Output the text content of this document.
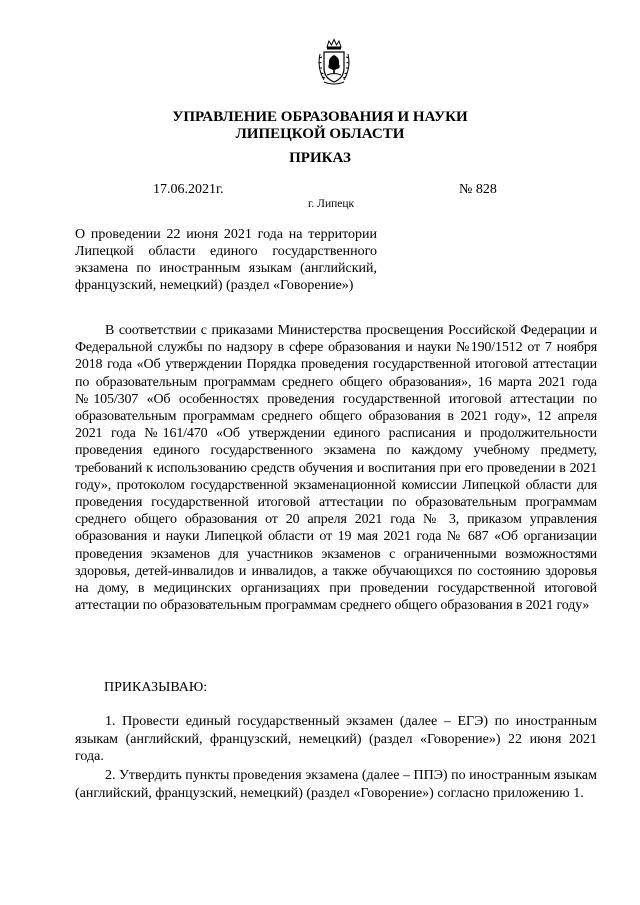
УПРАВЛЕНИЕ ОБРАЗОВАНИЯ И НАУКИ
ЛИПЕЦКОЙ ОБЛАСТИ
ПРИКАЗ
17.06.2021г.	№ 828
г. Липецк
О проведении 22 июня 2021 года на территории Липецкой области единого государственного экзамена по иностранным языкам (английский, французский, немецкий) (раздел «Говорение»)
В соответствии с приказами Министерства просвещения Российской Федерации и Федеральной службы по надзору в сфере образования и науки №190/1512 от 7 ноября 2018 года «Об утверждении Порядка проведения государственной итоговой аттестации по образовательным программам среднего общего образования», 16 марта 2021 года №105/307 «Об особенностях проведения государственной итоговой аттестации по образовательным программам среднего общего образования в 2021 году», 12 апреля 2021 года №161/470 «Об утверждении единого расписания и продолжительности проведения единого государственного экзамена по каждому учебному предмету, требований к использованию средств обучения и воспитания при его проведении в 2021 году», протоколом государственной экзаменационной комиссии Липецкой области для проведения государственной итоговой аттестации по образовательным программам среднего общего образования от 20 апреля 2021 года № 3, приказом управления образования и науки Липецкой области от 19 мая 2021 года № 687 «Об организации проведения экзаменов для участников экзаменов с ограниченными возможностями здоровья, детей-инвалидов и инвалидов, а также обучающихся по состоянию здоровья на дому, в медицинских организациях при проведении государственной итоговой аттестации по образовательным программам среднего общего образования в 2021 году»
ПРИКАЗЫВАЮ:
1. Провести единый государственный экзамен (далее – ЕГЭ) по иностранным языкам (английский, французский, немецкий) (раздел «Говорение») 22 июня 2021 года.
2. Утвердить пункты проведения экзамена (далее – ППЭ) по иностранным языкам (английский, французский, немецкий) (раздел «Говорение») согласно приложению 1.
